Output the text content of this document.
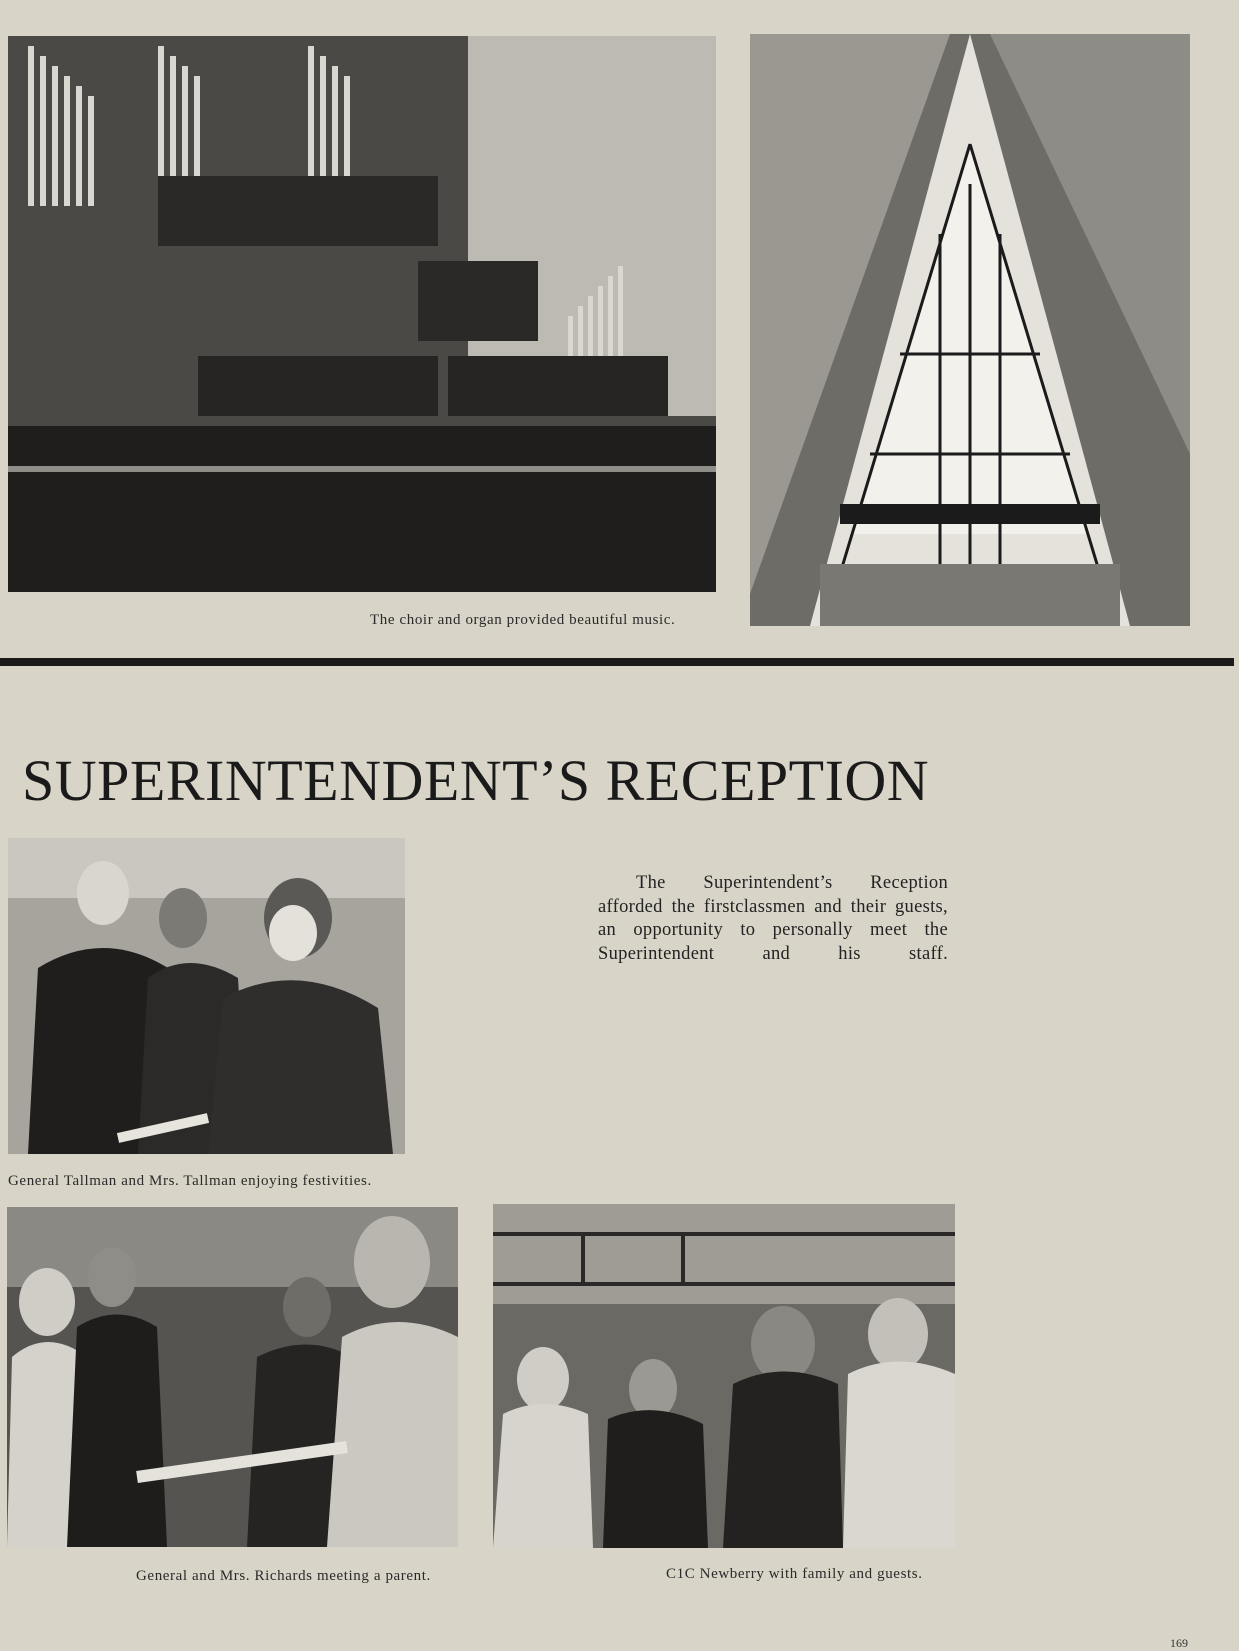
The choir and organ provided beautiful music.
SUPERINTENDENT’S RECEPTION
General Tallman and Mrs. Tallman enjoying festivities.

The Superintendent’s Reception afforded the firstclassmen and their guests, an opportunity to personally meet the Superintendent and his staff.

General and Mrs. Richards meeting a parent.	C1C Newberry with family and guests.
169
